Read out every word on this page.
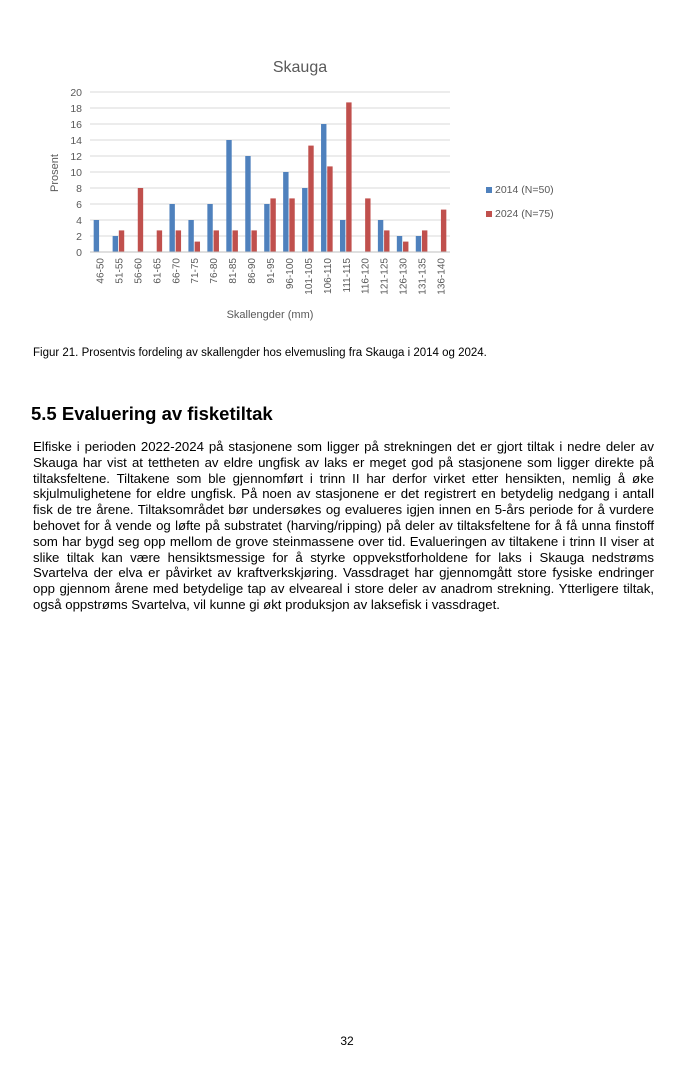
Skauga
0
2
4
6
8
10
12
14
16
18
20
46-50 51-55 56-60 61-65 66-70 71-75 76-80 81-85 86-90 91-95 96-100 101-105 106-110 111-115 116-120 121-125 126-130 131-135 136-140
Prosent
Skallengder (mm)
2014 (N=50)
2024 (N=75)

Figur 21. Prosentvis fordeling av skallengder hos elvemusling fra Skauga i 2014 og 2024.

5.5 Evaluering av fisketiltak

Elfiske i perioden 2022-2024 på stasjonene som ligger på strekningen det er gjort tiltak i nedre deler av Skauga har vist at tettheten av eldre ungfisk av laks er meget god på stasjonene som ligger direkte på tiltaksfeltene. Tiltakene som ble gjennomført i trinn II har derfor virket etter hensikten, nemlig å øke skjulmulighetene for eldre ungfisk. På noen av stasjonene er det registrert en betydelig nedgang i antall fisk de tre årene. Tiltaksområdet bør undersøkes og evalueres igjen innen en 5-års periode for å vurdere behovet for å vende og løfte på substratet (harving/ripping) på deler av tiltaksfeltene for å få unna finstoff som har bygd seg opp mellom de grove steinmassene over tid. Evalueringen av tiltakene i trinn II viser at slike tiltak kan være hensiktsmessige for å styrke oppvekstforholdene for laks i Skauga nedstrøms Svartelva der elva er påvirket av kraftverkskjøring. Vassdraget har gjennomgått store fysiske endringer opp gjennom årene med betydelige tap av elveareal i store deler av anadrom strekning. Ytterligere tiltak, også oppstrøms Svartelva, vil kunne gi økt produksjon av laksefisk i vassdraget.

32
